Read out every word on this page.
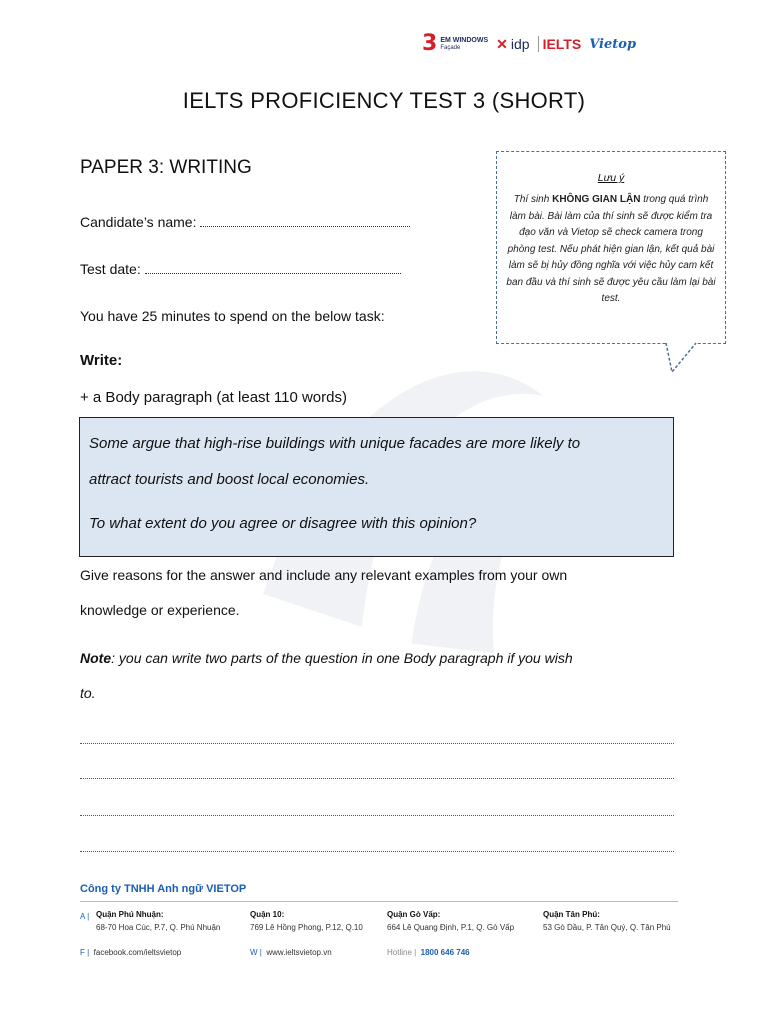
3 EM WINDOWS
Façade	✕ idp IELTS Vietop
IELTS PROFICIENCY TEST 3 (SHORT)
PAPER 3: WRITING
Candidate’s name:
Test date:
You have 25 minutes to spend on the below task:
Write:
+ a Body paragraph (at least 110 words)

Some argue that high-rise buildings with unique facades are more likely to

attract tourists and boost local economies.

To what extent do you agree or disagree with this opinion?

Give reasons for the answer and include any relevant examples from your own
knowledge or experience.
Note: you can write two parts of the question in one Body paragraph if you wish
to.
Lưu ý
Thí sinh KHÔNG GIAN LẬN trong quá trình làm bài. Bài làm của thí sinh sẽ được kiểm tra đạo văn và Vietop sẽ check camera trong phòng test. Nếu phát hiện gian lận, kết quả bài làm sẽ bị hủy đồng nghĩa với việc hủy cam kết ban đầu và thí sinh sẽ được yêu cầu làm lại bài test.
Công ty TNHH Anh ngữ VIETOP
A | Quận Phú Nhuận:
68-70 Hoa Cúc, P.7, Q. Phú Nhuận
Quận 10:
769 Lê Hồng Phong, P.12, Q.10
Quận Gò Vấp:
664 Lê Quang Định, P.1, Q. Gò Vấp
Quận Tân Phú:
53 Gò Dầu, P. Tân Quý, Q. Tân Phú
F | facebook.com/ieltsvietop	W | www.ieltsvietop.vn	Hotline | 1800 646 746
